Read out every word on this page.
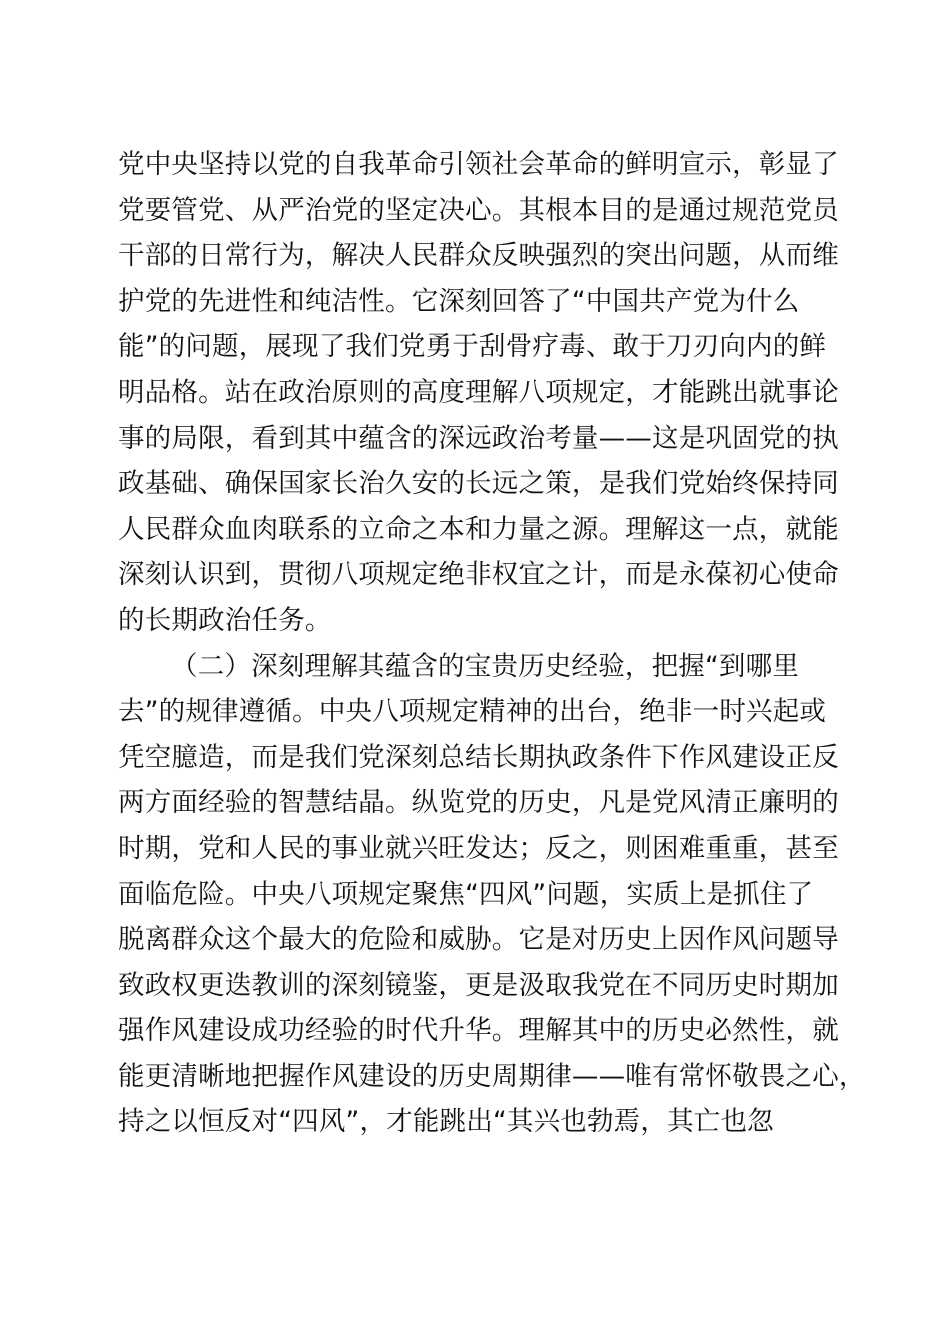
党中央坚持以党的自我革命引领社会革命的鲜明宣示，彰显了
党要管党、从严治党的坚定决心。其根本目的是通过规范党员
干部的日常行为，解决人民群众反映强烈的突出问题，从而维
护党的先进性和纯洁性。它深刻回答了“中国共产党为什么
能”的问题，展现了我们党勇于刮骨疗毒、敢于刀刃向内的鲜
明品格。站在政治原则的高度理解八项规定，才能跳出就事论
事的局限，看到其中蕴含的深远政治考量——这是巩固党的执
政基础、确保国家长治久安的长远之策，是我们党始终保持同
人民群众血肉联系的立命之本和力量之源。理解这一点，就能
深刻认识到，贯彻八项规定绝非权宜之计，而是永葆初心使命
的长期政治任务。
（二）深刻理解其蕴含的宝贵历史经验，把握“到哪里
去”的规律遵循。中央八项规定精神的出台，绝非一时兴起或
凭空臆造，而是我们党深刻总结长期执政条件下作风建设正反
两方面经验的智慧结晶。纵览党的历史，凡是党风清正廉明的
时期，党和人民的事业就兴旺发达；反之，则困难重重，甚至
面临危险。中央八项规定聚焦“四风”问题，实质上是抓住了
脱离群众这个最大的危险和威胁。它是对历史上因作风问题导
致政权更迭教训的深刻镜鉴，更是汲取我党在不同历史时期加
强作风建设成功经验的时代升华。理解其中的历史必然性，就
能更清晰地把握作风建设的历史周期律——唯有常怀敬畏之心，
持之以恒反对“四风”，才能跳出“其兴也勃焉，其亡也忽
